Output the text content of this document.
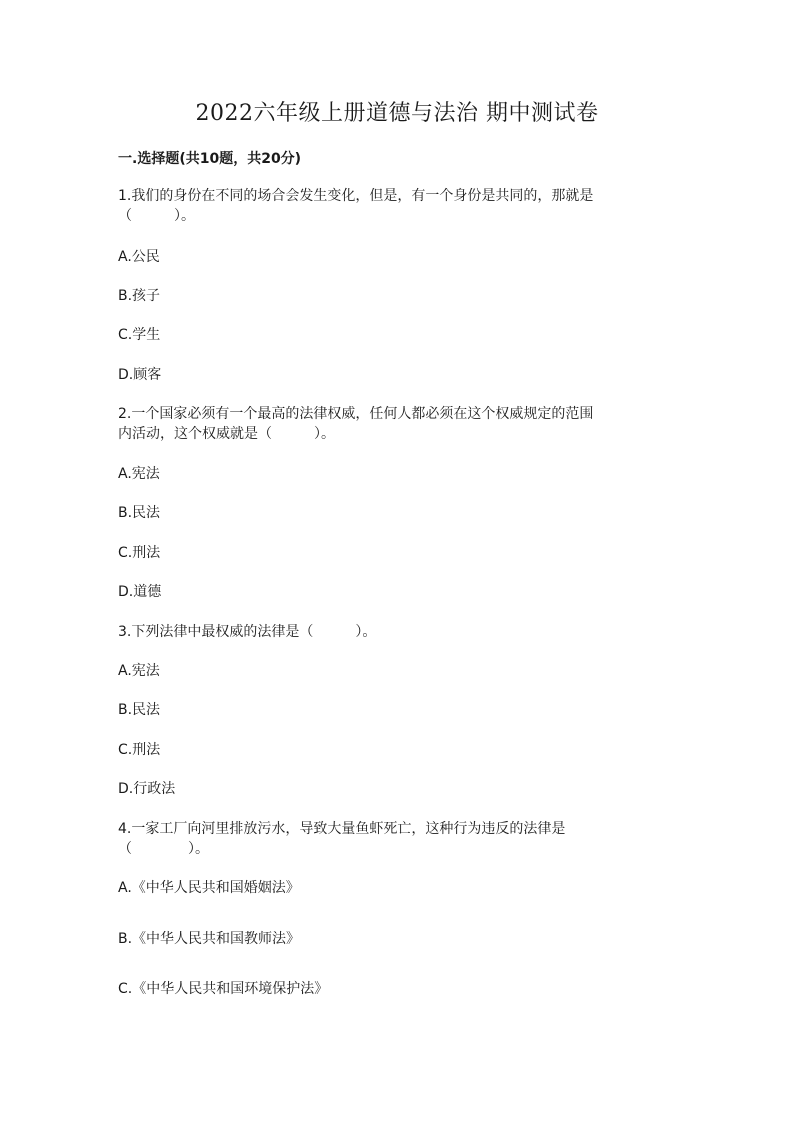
2022六年级上册道德与法治 期中测试卷
一.选择题(共10题，共20分)
1.我们的身份在不同的场合会发生变化，但是，有一个身份是共同的，那就是
（　　　）。
A.公民
B.孩子
C.学生
D.顾客
2.一个国家必须有一个最高的法律权威，任何人都必须在这个权威规定的范围
内活动，这个权威就是（　　　）。
A.宪法
B.民法
C.刑法
D.道德
3.下列法律中最权威的法律是（　　　）。
A.宪法
B.民法
C.刑法
D.行政法
4.一家工厂向河里排放污水，导致大量鱼虾死亡，这种行为违反的法律是
（　　　　）。
A.《中华人民共和国婚姻法》
B.《中华人民共和国教师法》
C.《中华人民共和国环境保护法》
